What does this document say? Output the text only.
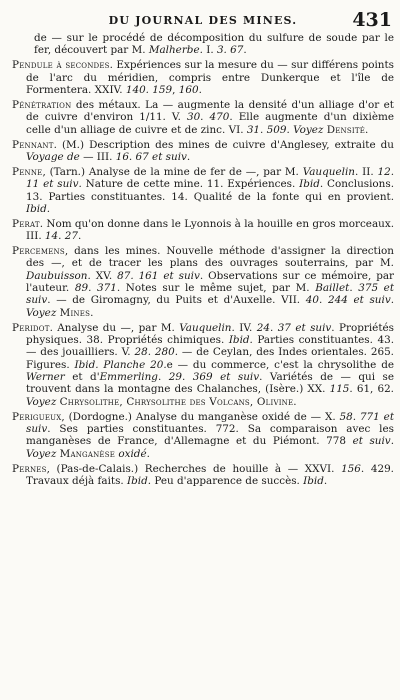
DU JOURNAL DES MINES.	431

de — sur le procédé de décomposition du sulfure de soude par le fer, découvert par M. Malherbe. I. 3. 67.

Pendule à secondes. Expériences sur la mesure du — sur différens points de l'arc du méridien, compris entre Dunkerque et l'île de Formentera. XXIV. 140. 159, 160.

Pénétration des métaux. La — augmente la densité d'un alliage d'or et de cuivre d'environ 1/11. V. 30. 470. Elle augmente d'un dixième celle d'un alliage de cuivre et de zinc. VI. 31. 509. Voyez Densité.

Pennant. (M.) Description des mines de cuivre d'Anglesey, extraite du Voyage de — III. 16. 67 et suiv.

Penne, (Tarn.) Analyse de la mine de fer de —, par M. Vauquelin. II. 12. 11 et suiv. Nature de cette mine. 11. Expériences. Ibid. Conclusions. 13. Parties constituantes. 14. Qualité de la fonte qui en provient. Ibid.

Perat. Nom qu'on donne dans le Lyonnois à la houille en gros morceaux. III. 14. 27.

Percemens, dans les mines. Nouvelle méthode d'assigner la direction des —, et de tracer les plans des ouvrages souterrains, par M. Daubuisson. XV. 87. 161 et suiv. Observations sur ce mémoire, par l'auteur. 89. 371. Notes sur le même sujet, par M. Baillet. 375 et suiv. — de Giromagny, du Puits et d'Auxelle. VII. 40. 244 et suiv. Voyez Mines.

Peridot. Analyse du —, par M. Vauquelin. IV. 24. 37 et suiv. Propriétés physiques. 38. Propriétés chimiques. Ibid. Parties constituantes. 43. — des jouailliers. V. 28. 280. — de Ceylan, des Indes orientales. 265. Figures. Ibid. Planche 20.e — du commerce, c'est la chrysolithe de Werner et d'Emmerling. 29. 369 et suiv. Variétés de — qui se trouvent dans la montagne des Chalanches, (Isère.) XX. 115. 61, 62. Voyez Chrysolithe, Chrysolithe des Volcans, Olivine.

Perigueux, (Dordogne.) Analyse du manganèse oxidé de — X. 58. 771 et suiv. Ses parties constituantes. 772. Sa comparaison avec les manganèses de France, d'Allemagne et du Piémont. 778 et suiv. Voyez Manganèse oxidé.

Pernes, (Pas-de-Calais.) Recherches de houille à — XXVI. 156. 429. Travaux déjà faits. Ibid. Peu d'apparence de succès. Ibid.
